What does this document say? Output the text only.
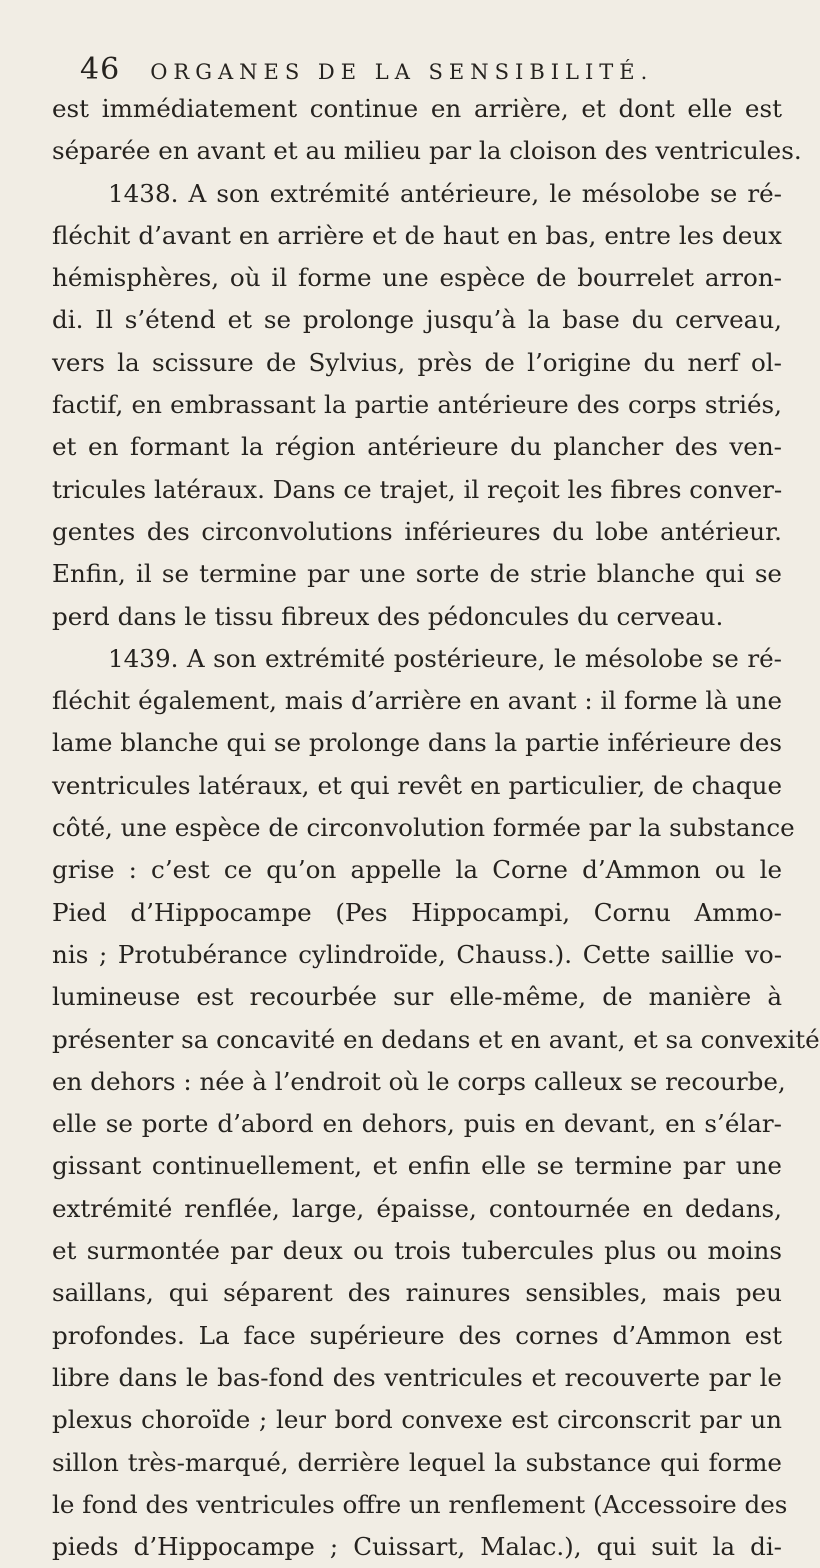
46 ORGANES DE LA SENSIBILITÉ.
est immédiatement continue en arrière, et dont elle est
séparée en avant et au milieu par la cloison des ventricules.
1438. A son extrémité antérieure, le mésolobe se ré-
fléchit d’avant en arrière et de haut en bas, entre les deux
hémisphères, où il forme une espèce de bourrelet arron-
di. Il s’étend et se prolonge jusqu’à la base du cerveau,
vers la scissure de Sylvius, près de l’origine du nerf ol-
factif, en embrassant la partie antérieure des corps striés,
et en formant la région antérieure du plancher des ven-
tricules latéraux. Dans ce trajet, il reçoit les fibres conver-
gentes des circonvolutions inférieures du lobe antérieur.
Enfin, il se termine par une sorte de strie blanche qui se
perd dans le tissu fibreux des pédoncules du cerveau.
1439. A son extrémité postérieure, le mésolobe se ré-
fléchit également, mais d’arrière en avant : il forme là une
lame blanche qui se prolonge dans la partie inférieure des
ventricules latéraux, et qui revêt en particulier, de chaque
côté, une espèce de circonvolution formée par la substance
grise : c’est ce qu’on appelle la Corne d’Ammon ou le
Pied d’Hippocampe (Pes Hippocampi, Cornu Ammo-
nis ; Protubérance cylindroïde, Chauss.). Cette saillie vo-
lumineuse est recourbée sur elle-même, de manière à
présenter sa concavité en dedans et en avant, et sa convexité
en dehors : née à l’endroit où le corps calleux se recourbe,
elle se porte d’abord en dehors, puis en devant, en s’élar-
gissant continuellement, et enfin elle se termine par une
extrémité renflée, large, épaisse, contournée en dedans,
et surmontée par deux ou trois tubercules plus ou moins
saillans, qui séparent des rainures sensibles, mais peu
profondes. La face supérieure des cornes d’Ammon est
libre dans le bas-fond des ventricules et recouverte par le
plexus choroïde ; leur bord convexe est circonscrit par un
sillon très-marqué, derrière lequel la substance qui forme
le fond des ventricules offre un renflement (Accessoire des
pieds d’Hippocampe ; Cuissart, Malac.), qui suit la di-
